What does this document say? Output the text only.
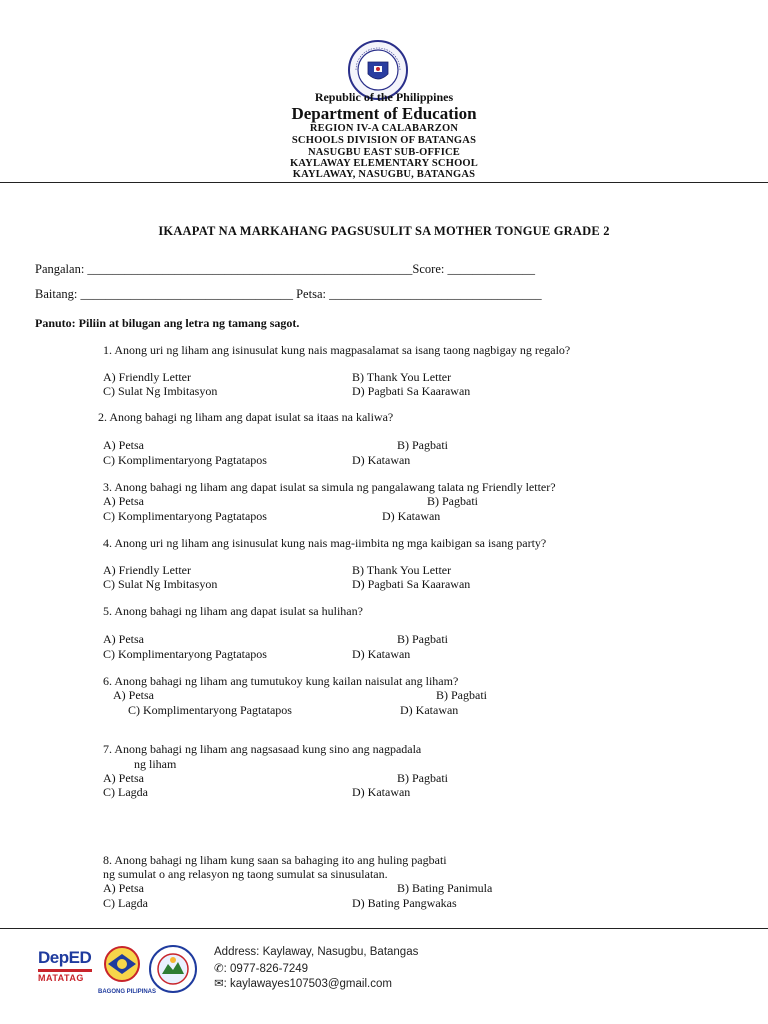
Republic of the Philippines
Department of Education
REGION IV-A CALABARZON
SCHOOLS DIVISION OF BATANGAS
NASUGBU EAST SUB-OFFICE
KAYLAWAY ELEMENTARY SCHOOL
KAYLAWAY, NASUGBU, BATANGAS
IKAAPAT NA MARKAHANG PAGSUSULIT SA MOTHER TONGUE GRADE 2
Pangalan: ____________________________________________________Score: ______________
Baitang: __________________________________ Petsa: __________________________________
Panuto: Piliin at bilugan ang letra ng tamang sagot.
1. Anong uri ng liham ang isinusulat kung nais magpasalamat sa isang taong nagbigay ng regalo?
A) Friendly Letter	B) Thank You Letter
C) Sulat Ng Imbitasyon	D) Pagbati Sa Kaarawan
2. Anong bahagi ng liham ang dapat isulat sa itaas na kaliwa?
A) Petsa	B) Pagbati
C) Komplimentaryong Pagtatapos	D) Katawan
3. Anong bahagi ng liham ang dapat isulat sa simula ng pangalawang talata ng Friendly letter?
A) Petsa	B) Pagbati
C) Komplimentaryong Pagtatapos	D) Katawan
4. Anong uri ng liham ang isinusulat kung nais mag-iimbita ng mga kaibigan sa isang party?
A) Friendly Letter	B) Thank You Letter
C) Sulat Ng Imbitasyon	D) Pagbati Sa Kaarawan
5. Anong bahagi ng liham ang dapat isulat sa hulihan?
A) Petsa	B) Pagbati
C) Komplimentaryong Pagtatapos	D) Katawan
6. Anong bahagi ng liham ang tumutukoy kung kailan naisulat ang liham?
A) Petsa	B) Pagbati
C) Komplimentaryong Pagtatapos	D) Katawan
7. Anong bahagi ng liham ang nagsasaad kung sino ang nagpadala
ng liham
A) Petsa	B) Pagbati
C) Lagda	D) Katawan
8. Anong bahagi ng liham kung saan sa bahaging ito ang huling pagbati
ng sumulat o ang relasyon ng taong sumulat sa sinusulatan.
A) Petsa	B) Bating Panimula
C) Lagda	D) Bating Pangwakas
DepED
MATATAG
BAGONG PILIPINAS
Address: Kaylaway, Nasugbu, Batangas
✆: 0977-826-7249
✉: kaylawayes107503@gmail.com
